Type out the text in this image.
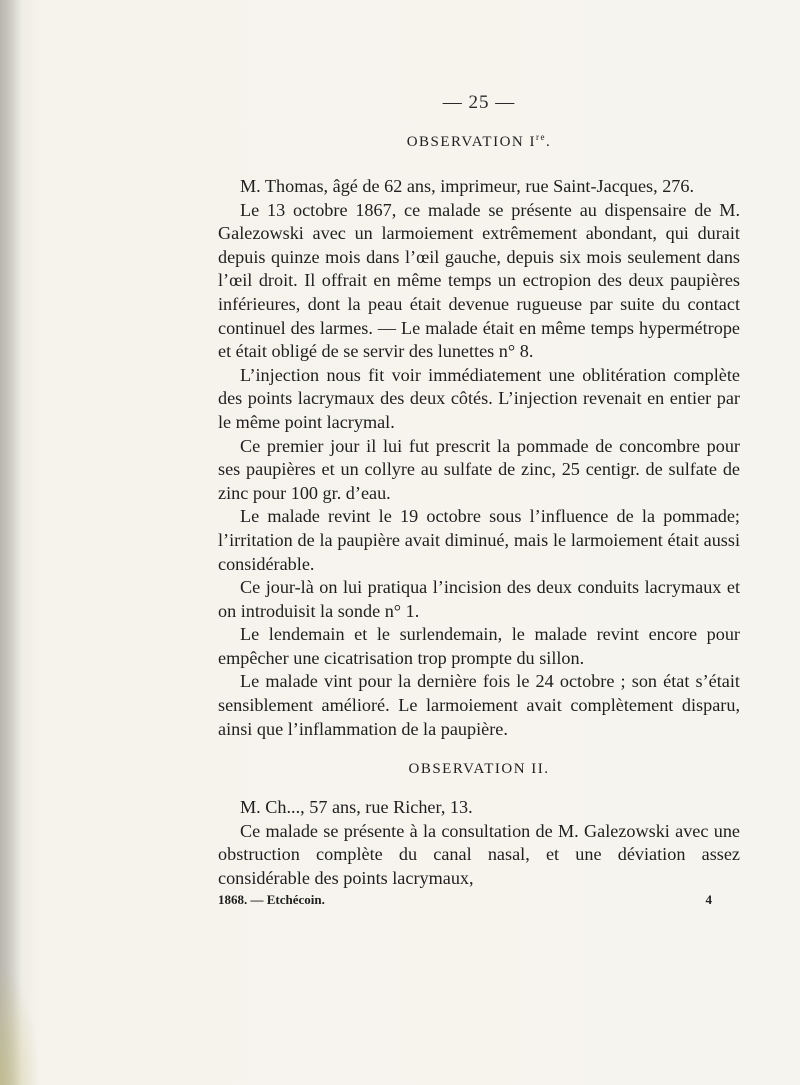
— 25 —
OBSERVATION Ire.

M. Thomas, âgé de 62 ans, imprimeur, rue Saint-Jacques, 276.

Le 13 octobre 1867, ce malade se présente au dispensaire de M. Galezowski avec un larmoiement extrêmement abondant, qui durait depuis quinze mois dans l’œil gauche, depuis six mois seulement dans l’œil droit. Il offrait en même temps un ectropion des deux paupières inférieures, dont la peau était devenue rugueuse par suite du contact continuel des larmes. — Le malade était en même temps hypermétrope et était obligé de se servir des lunettes n° 8.

L’injection nous fit voir immédiatement une oblitération complète des points lacrymaux des deux côtés. L’injection revenait en entier par le même point lacrymal.

Ce premier jour il lui fut prescrit la pommade de concombre pour ses paupières et un collyre au sulfate de zinc, 25 centigr. de sulfate de zinc pour 100 gr. d’eau.

Le malade revint le 19 octobre sous l’influence de la pommade; l’irritation de la paupière avait diminué, mais le larmoiement était aussi considérable.

Ce jour-là on lui pratiqua l’incision des deux conduits lacrymaux et on introduisit la sonde n° 1.

Le lendemain et le surlendemain, le malade revint encore pour empêcher une cicatrisation trop prompte du sillon.

Le malade vint pour la dernière fois le 24 octobre ; son état s’était sensiblement amélioré. Le larmoiement avait complètement disparu, ainsi que l’inflammation de la paupière.

OBSERVATION II.

M. Ch..., 57 ans, rue Richer, 13.

Ce malade se présente à la consultation de M. Galezowski avec une obstruction complète du canal nasal, et une déviation assez considérable des points lacrymaux,

1868. — Etchécoin.	4
